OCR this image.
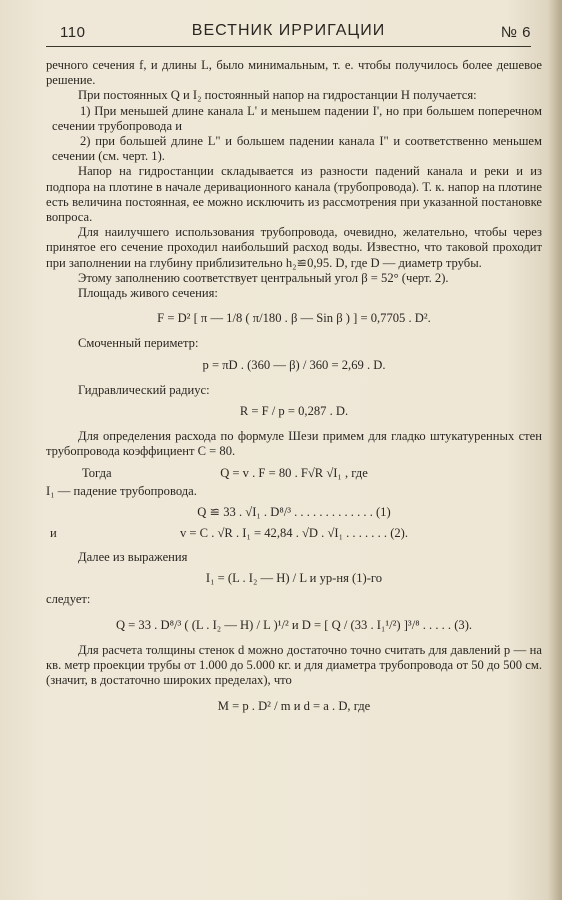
110	ВЕСТНИК ИРРИГАЦИИ	№ 6

речного сечения f, и длины L, было минимальным, т. е. чтобы получилось более дешевое решение.

При постоянных Q и I₂ постоянный напор на гидростанции H получается:

1) При меньшей длине канала L' и меньшем падении I', но при большем поперечном сечении трубопровода и

2) при большей длине L" и большем падении канала I" и соответственно меньшем сечении (см. черт. 1).

Напор на гидростанции складывается из разности падений канала и реки и из подпора на плотине в начале деривационного канала (трубопровода). Т. к. напор на плотине есть величина постоянная, ее можно исключить из рассмотрения при указанной постановке вопроса.

Для наилучшего использования трубопровода, очевидно, желательно, чтобы через принятое его сечение проходил наибольший расход воды. Известно, что таковой проходит при заполнении на глубину приблизительно h₂≌0,95. D, где D — диаметр трубы.

Этому заполнению соответствует центральный угол β = 52° (черт. 2).

Площадь живого сечения:

F = D² [ π — 1/8 ( π/180 . β — Sin β ) ] = 0,7705 . D².

Смоченный периметр:

p = πD . (360 — β) / 360 = 2,69 . D.

Гидравлический радиус:

R = F / p = 0,287 . D.

Для определения расхода по формуле Шези примем для гладко штукатуренных стен трубопровода коэффициент C = 80.

Тогда	Q = v . F = 80 . F√R √I₁ , где

I₁ — падение трубопровода.

Q ≌ 33 . √I₁ . D⁸/³ . . . . . . . . . . . . . (1)

и	v = C . √R . I₁ = 42,84 . √D . √I₁ . . . . . . . (2).

Далее из выражения

I₁ = (L . I₂ — H) / L и ур-ня (1)-го

следует:

Q = 33 . D⁸/³ ( (L . I₂ — H) / L )¹/² и D = [ Q / (33 . I₁¹/²) ]³/⁸ . . . . . (3).

Для расчета толщины стенок d можно достаточно точно считать для давлений p — на кв. метр проекции трубы от 1.000 до 5.000 кг. и для диаметра трубопровода от 50 до 500 см. (значит, в достаточно широких пределах), что

M = p . D² / m и d = a . D, где
